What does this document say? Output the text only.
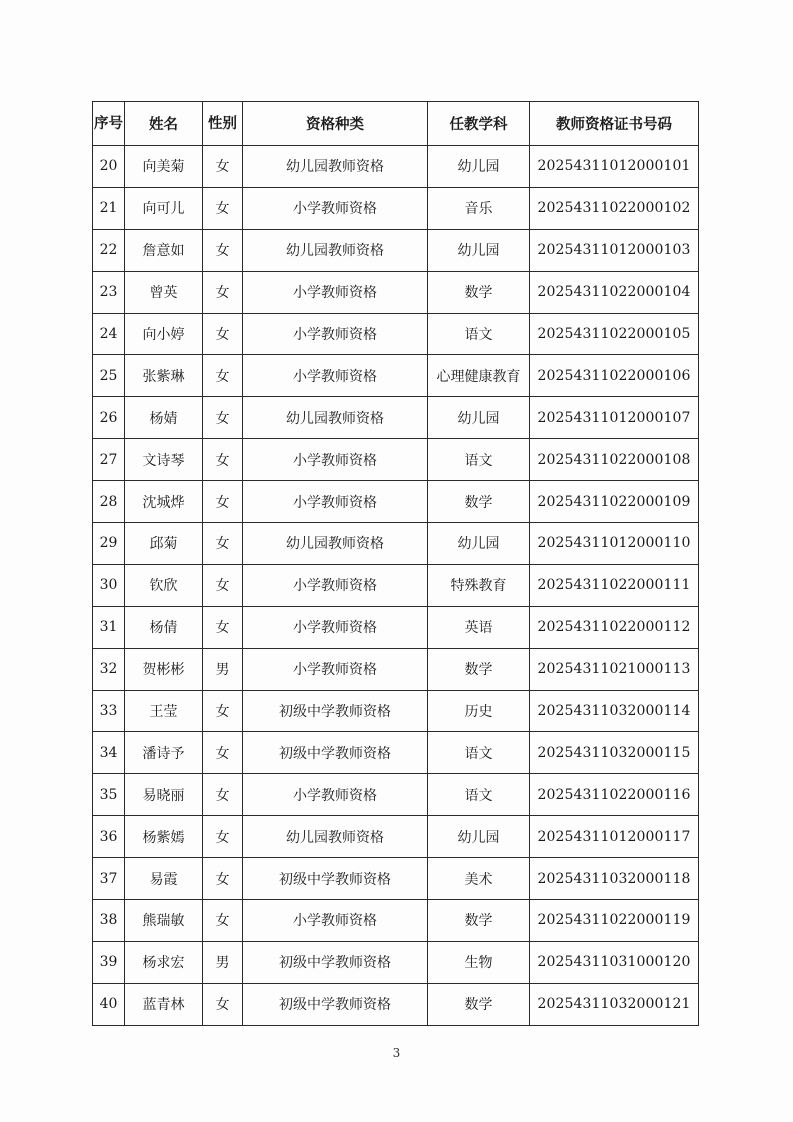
序号	姓名	性别	资格种类	任教学科	教师资格证书号码
20	向美菊	女	幼儿园教师资格	幼儿园	20254311012000101
21	向可儿	女	小学教师资格	音乐	20254311022000102
22	詹意如	女	幼儿园教师资格	幼儿园	20254311012000103
23	曾英	女	小学教师资格	数学	20254311022000104
24	向小婷	女	小学教师资格	语文	20254311022000105
25	张紫琳	女	小学教师资格	心理健康教育	20254311022000106
26	杨婧	女	幼儿园教师资格	幼儿园	20254311012000107
27	文诗琴	女	小学教师资格	语文	20254311022000108
28	沈城烨	女	小学教师资格	数学	20254311022000109
29	邱菊	女	幼儿园教师资格	幼儿园	20254311012000110
30	钦欣	女	小学教师资格	特殊教育	20254311022000111
31	杨倩	女	小学教师资格	英语	20254311022000112
32	贺彬彬	男	小学教师资格	数学	20254311021000113
33	王莹	女	初级中学教师资格	历史	20254311032000114
34	潘诗予	女	初级中学教师资格	语文	20254311032000115
35	易晓丽	女	小学教师资格	语文	20254311022000116
36	杨紫嫣	女	幼儿园教师资格	幼儿园	20254311012000117
37	易霞	女	初级中学教师资格	美术	20254311032000118
38	熊瑞敏	女	小学教师资格	数学	20254311022000119
39	杨求宏	男	初级中学教师资格	生物	20254311031000120
40	蓝青林	女	初级中学教师资格	数学	20254311032000121
3
